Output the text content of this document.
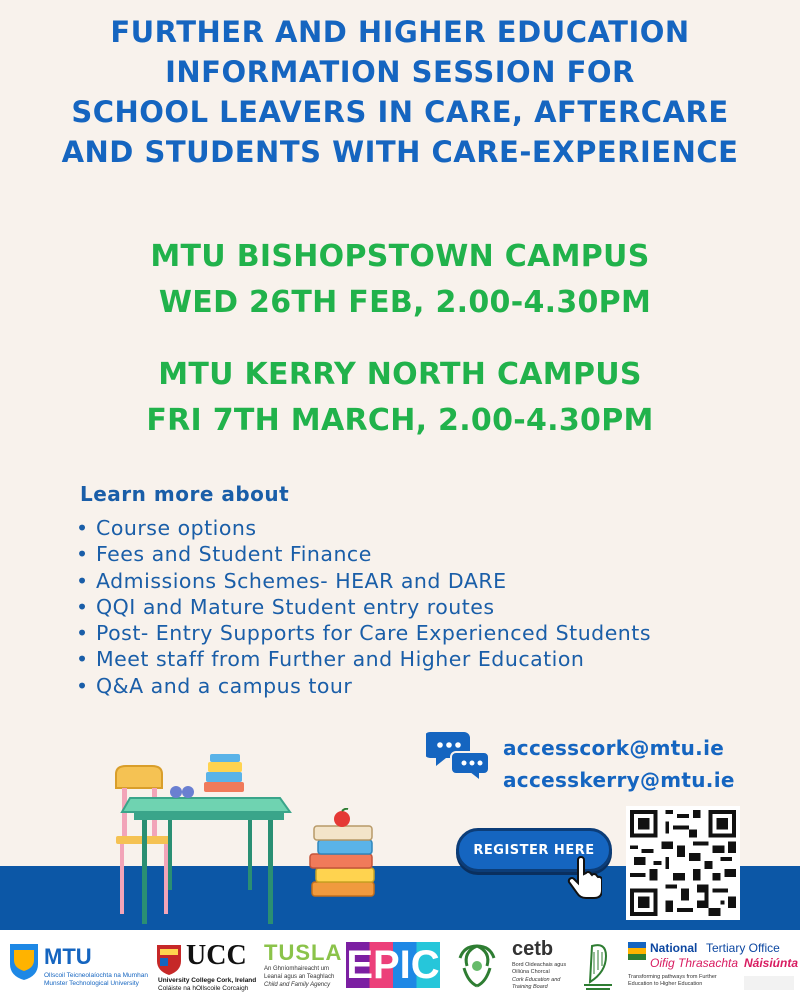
FURTHER AND HIGHER EDUCATION
INFORMATION SESSION FOR
SCHOOL LEAVERS IN CARE, AFTERCARE
AND STUDENTS WITH CARE-EXPERIENCE
MTU BISHOPSTOWN CAMPUS
WED 26TH FEB, 2.00-4.30PM
MTU KERRY NORTH CAMPUS
FRI 7TH MARCH, 2.00-4.30PM
Learn more about
• Course options
• Fees and Student Finance
• Admissions Schemes- HEAR and DARE
• QQI and Mature Student entry routes
• Post- Entry Supports for Care Experienced Students
• Meet staff from Further and Higher Education
• Q&A and a campus tour
accesscork@mtu.ie
accesskerry@mtu.ie
REGISTER HERE
MTU
Ollscoil Teicneolaíochta na Mumhan
Munster Technological University
UCC
University College Cork, Ireland
Coláiste na hOllscoile Corcaigh
TUSLA
An Ghníomhaireacht um
Leanaí agus an Teaghlach
Child and Family Agency EPIC	cetb
Bord Oideachais agus
Oiliúna Chorcaí
Cork Education and
Training Board
National Tertiary Office
Oifig Thrasachta Náisiúnta
Transforming pathways from Further Education to Higher Education
